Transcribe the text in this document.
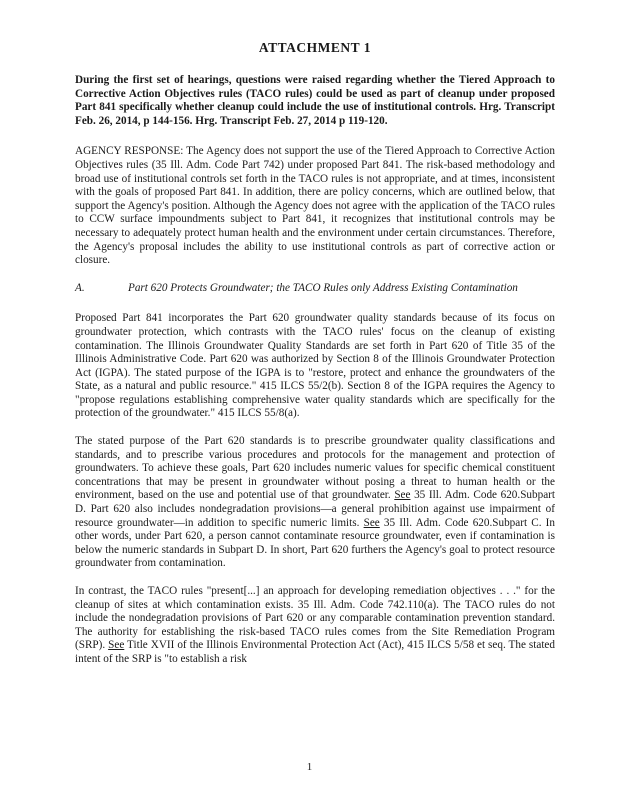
ATTACHMENT 1

During the first set of hearings, questions were raised regarding whether the Tiered Approach to Corrective Action Objectives rules (TACO rules) could be used as part of cleanup under proposed Part 841 specifically whether cleanup could include the use of institutional controls. Hrg. Transcript Feb. 26, 2014, p 144-156. Hrg. Transcript Feb. 27, 2014 p 119-120.

AGENCY RESPONSE: The Agency does not support the use of the Tiered Approach to Corrective Action Objectives rules (35 Ill. Adm. Code Part 742) under proposed Part 841. The risk-based methodology and broad use of institutional controls set forth in the TACO rules is not appropriate, and at times, inconsistent with the goals of proposed Part 841. In addition, there are policy concerns, which are outlined below, that support the Agency's position. Although the Agency does not agree with the application of the TACO rules to CCW surface impoundments subject to Part 841, it recognizes that institutional controls may be necessary to adequately protect human health and the environment under certain circumstances. Therefore, the Agency's proposal includes the ability to use institutional controls as part of corrective action or closure.

A.	Part 620 Protects Groundwater; the TACO Rules only Address Existing Contamination

Proposed Part 841 incorporates the Part 620 groundwater quality standards because of its focus on groundwater protection, which contrasts with the TACO rules' focus on the cleanup of existing contamination. The Illinois Groundwater Quality Standards are set forth in Part 620 of Title 35 of the Illinois Administrative Code. Part 620 was authorized by Section 8 of the Illinois Groundwater Protection Act (IGPA). The stated purpose of the IGPA is to "restore, protect and enhance the groundwaters of the State, as a natural and public resource." 415 ILCS 55/2(b). Section 8 of the IGPA requires the Agency to "propose regulations establishing comprehensive water quality standards which are specifically for the protection of the groundwater." 415 ILCS 55/8(a).

The stated purpose of the Part 620 standards is to prescribe groundwater quality classifications and standards, and to prescribe various procedures and protocols for the management and protection of groundwaters. To achieve these goals, Part 620 includes numeric values for specific chemical constituent concentrations that may be present in groundwater without posing a threat to human health or the environment, based on the use and potential use of that groundwater. See 35 Ill. Adm. Code 620.Subpart D. Part 620 also includes nondegradation provisions—a general prohibition against use impairment of resource groundwater—in addition to specific numeric limits. See 35 Ill. Adm. Code 620.Subpart C. In other words, under Part 620, a person cannot contaminate resource groundwater, even if contamination is below the numeric standards in Subpart D. In short, Part 620 furthers the Agency's goal to protect resource groundwater from contamination.

In contrast, the TACO rules "present[...] an approach for developing remediation objectives . . ." for the cleanup of sites at which contamination exists. 35 Ill. Adm. Code 742.110(a). The TACO rules do not include the nondegradation provisions of Part 620 or any comparable contamination prevention standard. The authority for establishing the risk-based TACO rules comes from the Site Remediation Program (SRP). See Title XVII of the Illinois Environmental Protection Act (Act), 415 ILCS 5/58 et seq. The stated intent of the SRP is "to establish a risk

1
